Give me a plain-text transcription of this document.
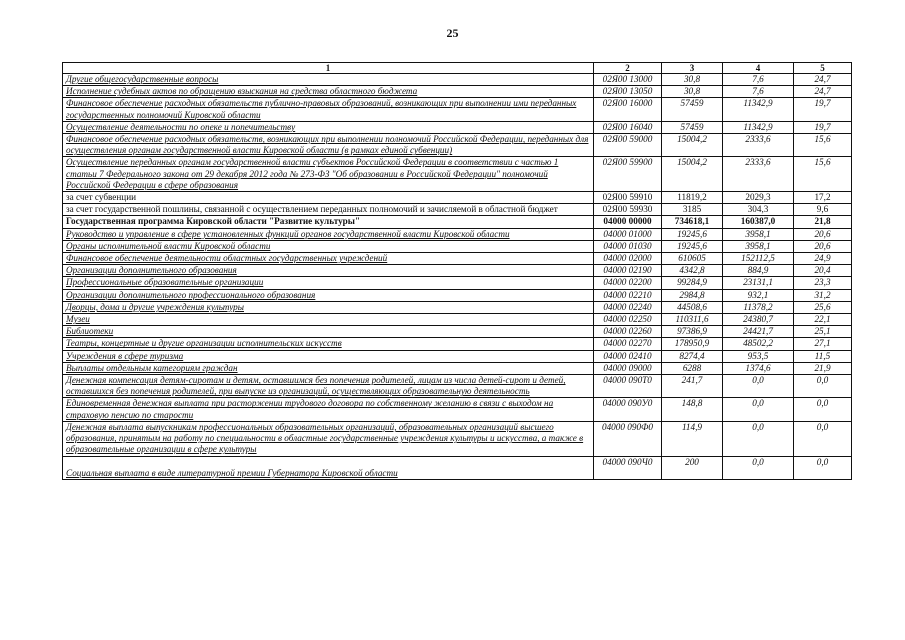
25
1	2	3	4	5
Другие общегосударственные вопросы	02Я00 13000	30,8	7,6	24,7
Исполнение судебных актов по обращению взыскания на средства областного бюджета	02Я00 13050	30,8	7,6	24,7
Финансовое обеспечение расходных обязательств публично-правовых образований, возникающих при выполнении ими переданных государственных полномочий Кировской области	02Я00 16000	57459	11342,9	19,7
Осуществление деятельности по опеке и попечительству	02Я00 16040	57459	11342,9	19,7
Финансовое обеспечение расходных обязательств, возникающих при выполнении полномочий Российской Федерации, переданных для осуществления органам государственной власти Кировской области (в рамках единой субвенции)	02Я00 59000	15004,2	2333,6	15,6
Осуществление переданных органам государственной власти субъектов Российской Федерации в соответствии с частью 1 статьи 7 Федерального закона от 29 декабря 2012 года № 273-ФЗ "Об образовании в Российской Федерации" полномочий Российской Федерации в сфере образования	02Я00 59900	15004,2	2333,6	15,6
за счет субвенции	02Я00 59910	11819,2	2029,3	17,2
за счет государственной пошлины, связанной с осуществлением переданных полномочий и зачисляемой в областной бюджет	02Я00 59930	3185	304,3	9,6
Государственная программа Кировской области "Развитие культуры"	04000 00000	734618,1	160387,0	21,8
Руководство и управление в сфере установленных функций органов государственной власти Кировской области	04000 01000	19245,6	3958,1	20,6
Органы исполнительной власти Кировской области	04000 01030	19245,6	3958,1	20,6
Финансовое обеспечение деятельности областных государственных учреждений	04000 02000	610605	152112,5	24,9
Организации дополнительного образования	04000 02190	4342,8	884,9	20,4
Профессиональные образовательные организации	04000 02200	99284,9	23131,1	23,3
Организации дополнительного профессионального образования	04000 02210	2984,8	932,1	31,2
Дворцы, дома и другие учреждения культуры	04000 02240	44508,6	11378,2	25,6
Музеи	04000 02250	110311,6	24380,7	22,1
Библиотеки	04000 02260	97386,9	24421,7	25,1
Театры, концертные и другие организации исполнительских искусств	04000 02270	178950,9	48502,2	27,1
Учреждения в сфере туризма	04000 02410	8274,4	953,5	11,5
Выплаты отдельным категориям граждан	04000 09000	6288	1374,6	21,9
Денежная компенсация детям-сиротам и детям, оставшимся без попечения родителей, лицам из числа детей-сирот и детей, оставшихся без попечения родителей, при выпуске из организаций, осуществляющих образовательную деятельность	04000 090Т0	241,7	0,0	0,0
Единовременная денежная выплата при расторжении трудового договора по собственному желанию в связи с выходом на страховую пенсию по старости	04000 090У0	148,8	0,0	0,0
Денежная выплата выпускникам профессиональных образовательных организаций, образовательных организаций высшего образования, принятым на работу по специальности в областные государственные учреждения культуры и искусства, а также в образовательные организации в сфере культуры	04000 090Ф0	114,9	0,0	0,0
Социальная выплата в виде литературной премии Губернатора Кировской области	04000 090Ч0	200	0,0	0,0
